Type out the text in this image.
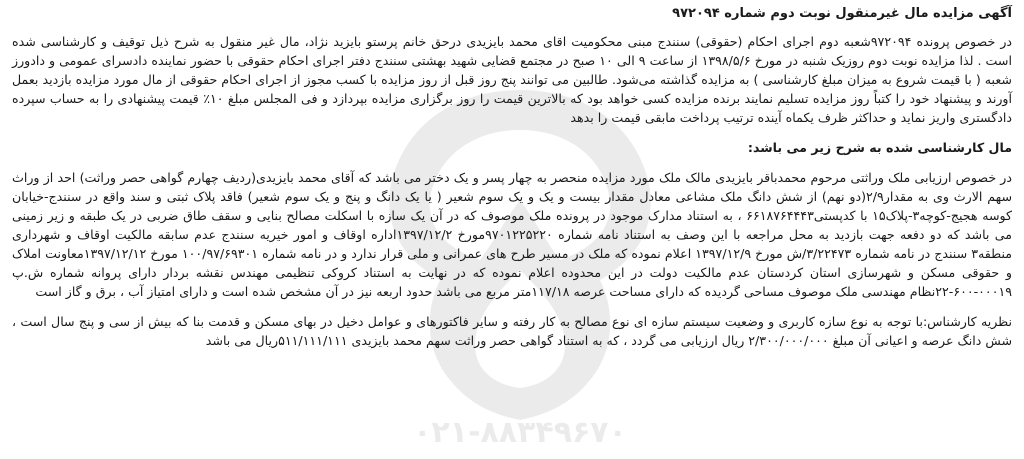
۰۲۱-۸۸۳۴۹۶۷۰

آگهی مزایده مال غیرمنقول نوبت دوم شماره ۹۷۲۰۹۴

در خصوص پرونده ۹۷۲۰۹۴شعبه دوم اجرای احکام (حقوقی) سنندج مبنی محکومیت اقای محمد بایزیدی درحق خانم پرستو بایزید نژاد، مال غیر منقول به شرح ذیل توقیف و کارشناسی شده است . لذا مزایده نوبت دوم روزیک شنبه در مورخ ۱۳۹۸/۵/۶ از ساعت ۹ الی ۱۰ صبح در مجتمع قضایی شهید بهشتی سنندج دفتر اجرای احکام حقوقی با حضور نماینده دادسرای عمومی و دادورز شعبه ( با قیمت شروع به میزان مبلغ کارشناسی ) به مزایده گذاشته می‌شود. طالبین می توانند پنج روز قبل از روز مزایده با کسب مجوز از اجرای احکام حقوقی از مال مورد مزایده بازدید بعمل آورند و پیشنهاد خود را کتباً روز مزایده تسلیم نمایند برنده مزایده کسی خواهد بود که بالاترین قیمت را روز برگزاری مزایده بپردازد و فی المجلس مبلغ ۱۰٪ قیمت پیشنهادی را به حساب سپرده دادگستری واریز نماید و حداکثر ظرف یکماه آینده ترتیب پرداخت مابقی قیمت را بدهد

مال کارشناسی شده به شرح زیر می باشد:

در خصوص ارزیابی ملک وراثتی مرحوم محمدباقر بایزیدی مالک ملک مورد مزایده منحصر به چهار پسر و یک دختر می باشد که آقای محمد بایزیدی(ردیف چهارم گواهی حصر وراثت) احد از وراث سهم الارث وی به مقدار۲/۹(دو نهم) از شش دانگ ملک مشاعی معادل مقدار بیست و یک و یک سوم شعیر ( یا یک دانگ و پنج و یک سوم شعیر) فاقد پلاک ثبتی و سند واقع در سنندج-خیابان کوسه هجیج-کوچه۳-پلاک۱۵ با کدپستی۶۶۱۸۷۶۴۴۴۳ ، به استناد مدارک موجود در پرونده ملک موصوف که در آن یک سازه با اسکلت مصالح بنایی و سقف طاق ضربی در یک طبقه و زیر زمینی می باشد که دو دفعه جهت بازدید به محل مراجعه با این وصف به استناد نامه شماره ۹۷۰۱۲۲۵۲۲۰مورخ ۱۳۹۷/۱۲/۲اداره اوقاف و امور خیریه سنندج عدم سابقه مالکیت اوقاف و شهرداری منطقه۳ سنندج در نامه شماره ۳/۲۲۴۷۳/ش مورخ ۱۳۹۷/۱۲/۹ اعلام نموده که ملک در مسیر طرح های عمرانی و ملی قرار ندارد و در نامه شماره ۱۰۰/۹۷/۶۹۳۰۱ مورخ ۱۳۹۷/۱۲/۱۲معاونت املاک و حقوقی مسکن و شهرسازی استان کردستان عدم مالکیت دولت در این محدوده اعلام نموده که در نهایت به استناد کروکی تنظیمی مهندس نقشه بردار دارای پروانه شماره ش.پ ۰۰۰۱۹-۶۰۰-۲۲نظام مهندسی ملک موصوف مساحی گردیده که دارای مساحت عرصه ۱۱۷/۱۸متر مربع می باشد حدود اربعه نیز در آن مشخص شده است و دارای امتیاز آب ، برق و گاز است

نظریه کارشناس:با توجه به نوع سازه کاربری و وضعیت سیستم سازه ای نوع مصالح به کار رفته و سایر فاکتورهای و عوامل دخیل در بهای مسکن و قدمت بنا که بیش از سی و پنج سال است ، شش دانگ عرصه و اعیانی آن مبلغ ۲/۳۰۰/۰۰۰/۰۰۰ ریال ارزیابی می گردد ، که به استناد گواهی حصر وراثت سهم محمد بایزیدی ۵۱۱/۱۱۱/۱۱۱ریال می باشد
